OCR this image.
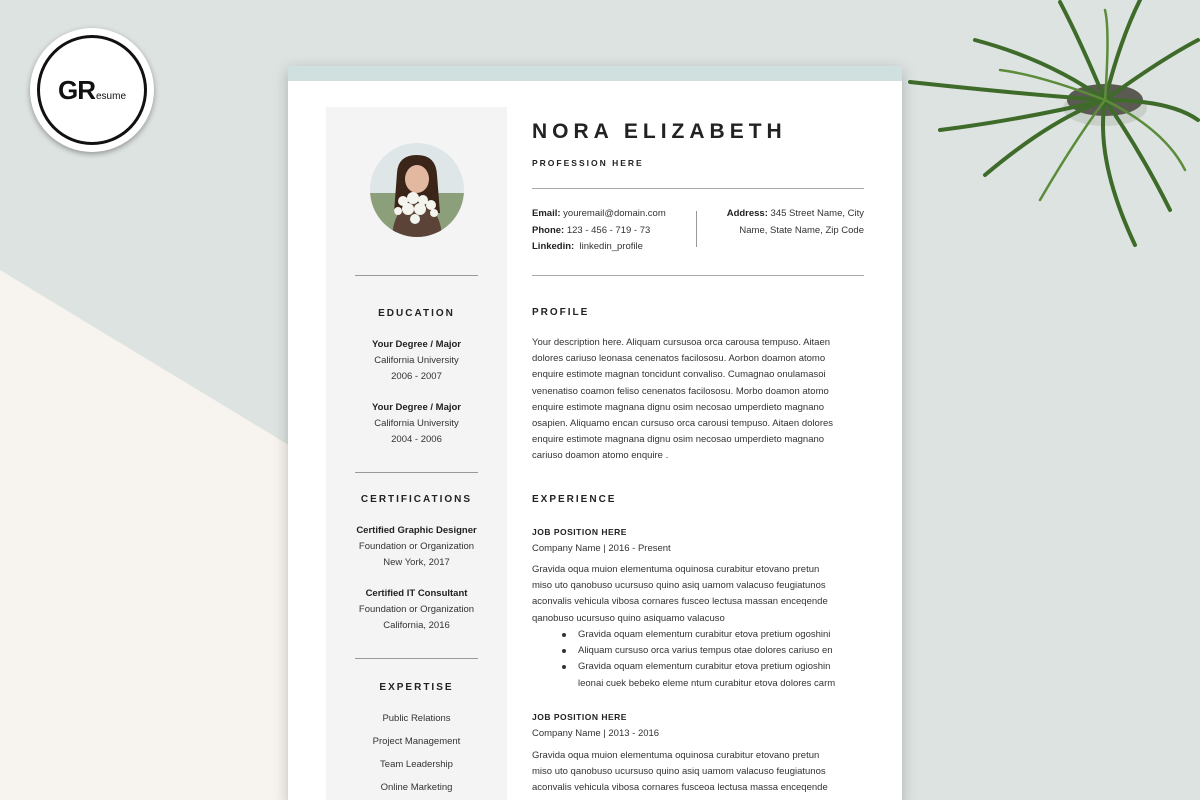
GR esume
EDUCATION
Your Degree / Major
California University
2006 - 2007
Your Degree / Major
California University
2004 - 2006
CERTIFICATIONS
Certified Graphic Designer
Foundation or Organization
New York, 2017
Certified IT Consultant
Foundation or Organization
California, 2016
EXPERTISE
Public Relations
Project Management
Team Leadership
Online Marketing
NORA ELIZABETH
PROFESSION HERE
Email: youremail@domain.com
Phone: 123 - 456 - 719 - 73
Linkedin: linkedin_profile
Address: 345 Street Name, City
Name, State Name, Zip Code
PROFILE
Your description here. Aliquam cursusoa orca carousa tempuso. Aitaen
dolores cariuso leonasa cenenatos facilososu. Aorbon doamon atomo
enquire estimote magnan toncidunt convaliso. Cumagnao onulamasoi
venenatiso coamon feliso cenenatos facilososu. Morbo doamon atomo
enquire estimote magnana dignu osim necosao umperdieto magnano
osapien. Aliquamo encan cursuso orca carousi tempuso. Aitaen dolores
enquire estimote magnana dignu osim necosao umperdieto magnano
cariuso doamon atomo enquire .
EXPERIENCE
JOB POSITION HERE
Company Name | 2016 - Present
Gravida oqua muion elementuma oquinosa curabitur etovano pretun
miso uto qanobuso ucursuso quino asiq uamom valacuso feugiatunos
aconvalis vehicula vibosa cornares fusceo lectusa massan enceqende
qanobuso ucursuso quino asiquamo valacuso
Gravida oquam elementum curabitur etova pretium ogoshini
Aliquam cursuso orca varius tempus otae dolores cariuso en
Gravida oquam elementum curabitur etova pretium ogioshin
leonai cuek bebeko eleme ntum curabitur etova dolores carm
JOB POSITION HERE
Company Name | 2013 - 2016
Gravida oqua muion elementuma oquinosa curabitur etovano pretun
miso uto qanobuso ucursuso quino asiq uamom valacuso feugiatunos
aconvalis vehicula vibosa cornares fusceoa lectusa massa enceqende
